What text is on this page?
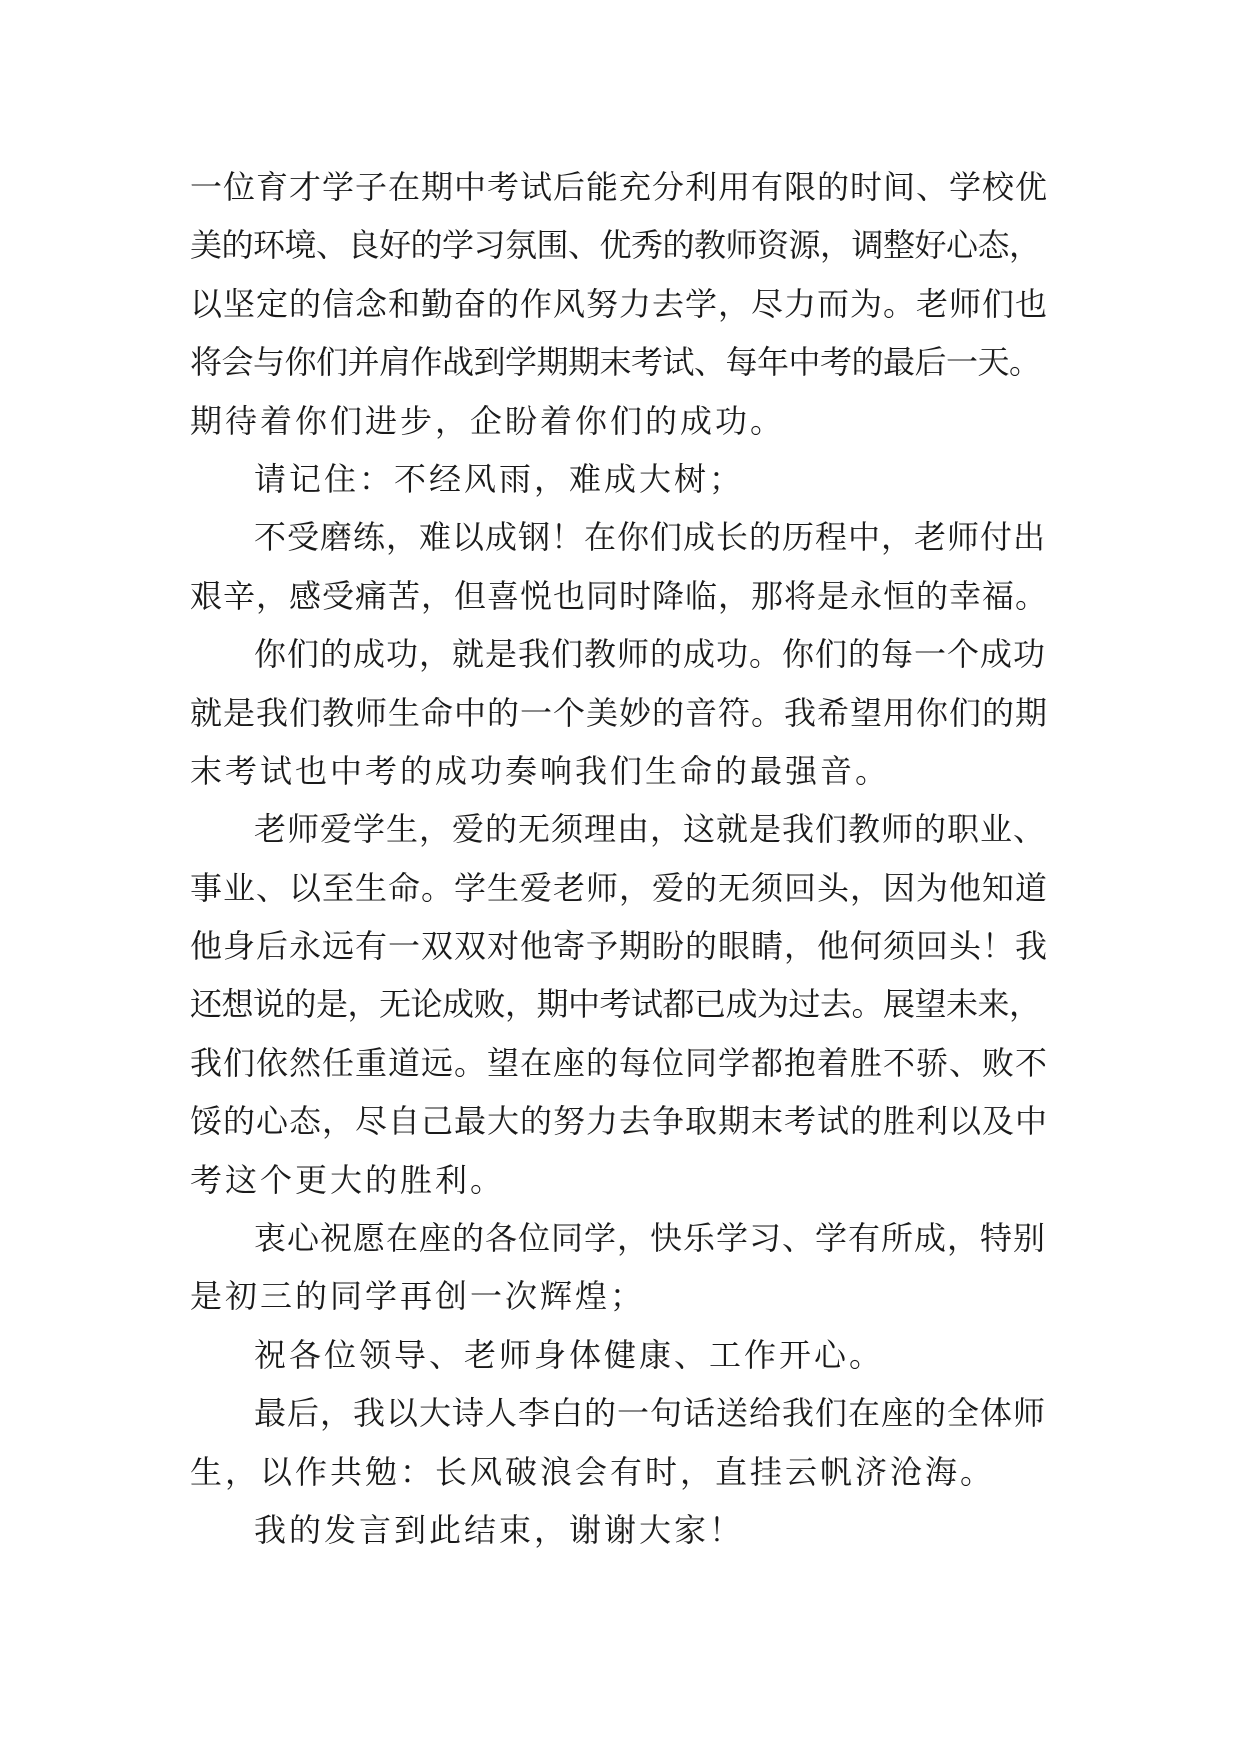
一位育才学子在期中考试后能充分利用有限的时间、学校优
美的环境、良好的学习氛围、优秀的教师资源，调整好心态，
以坚定的信念和勤奋的作风努力去学，尽力而为。老师们也
将会与你们并肩作战到学期期末考试、每年中考的最后一天。
期待着你们进步，企盼着你们的成功。
请记住：不经风雨，难成大树；
不受磨练，难以成钢！在你们成长的历程中，老师付出
艰辛，感受痛苦，但喜悦也同时降临，那将是永恒的幸福。
你们的成功，就是我们教师的成功。你们的每一个成功
就是我们教师生命中的一个美妙的音符。我希望用你们的期
末考试也中考的成功奏响我们生命的最强音。
老师爱学生，爱的无须理由，这就是我们教师的职业、
事业、以至生命。学生爱老师，爱的无须回头，因为他知道
他身后永远有一双双对他寄予期盼的眼睛，他何须回头！我
还想说的是，无论成败，期中考试都已成为过去。展望未来，
我们依然任重道远。望在座的每位同学都抱着胜不骄、败不
馁的心态，尽自己最大的努力去争取期末考试的胜利以及中
考这个更大的胜利。
衷心祝愿在座的各位同学，快乐学习、学有所成，特别
是初三的同学再创一次辉煌；
祝各位领导、老师身体健康、工作开心。
最后，我以大诗人李白的一句话送给我们在座的全体师
生，以作共勉：长风破浪会有时，直挂云帆济沧海。
我的发言到此结束，谢谢大家！
